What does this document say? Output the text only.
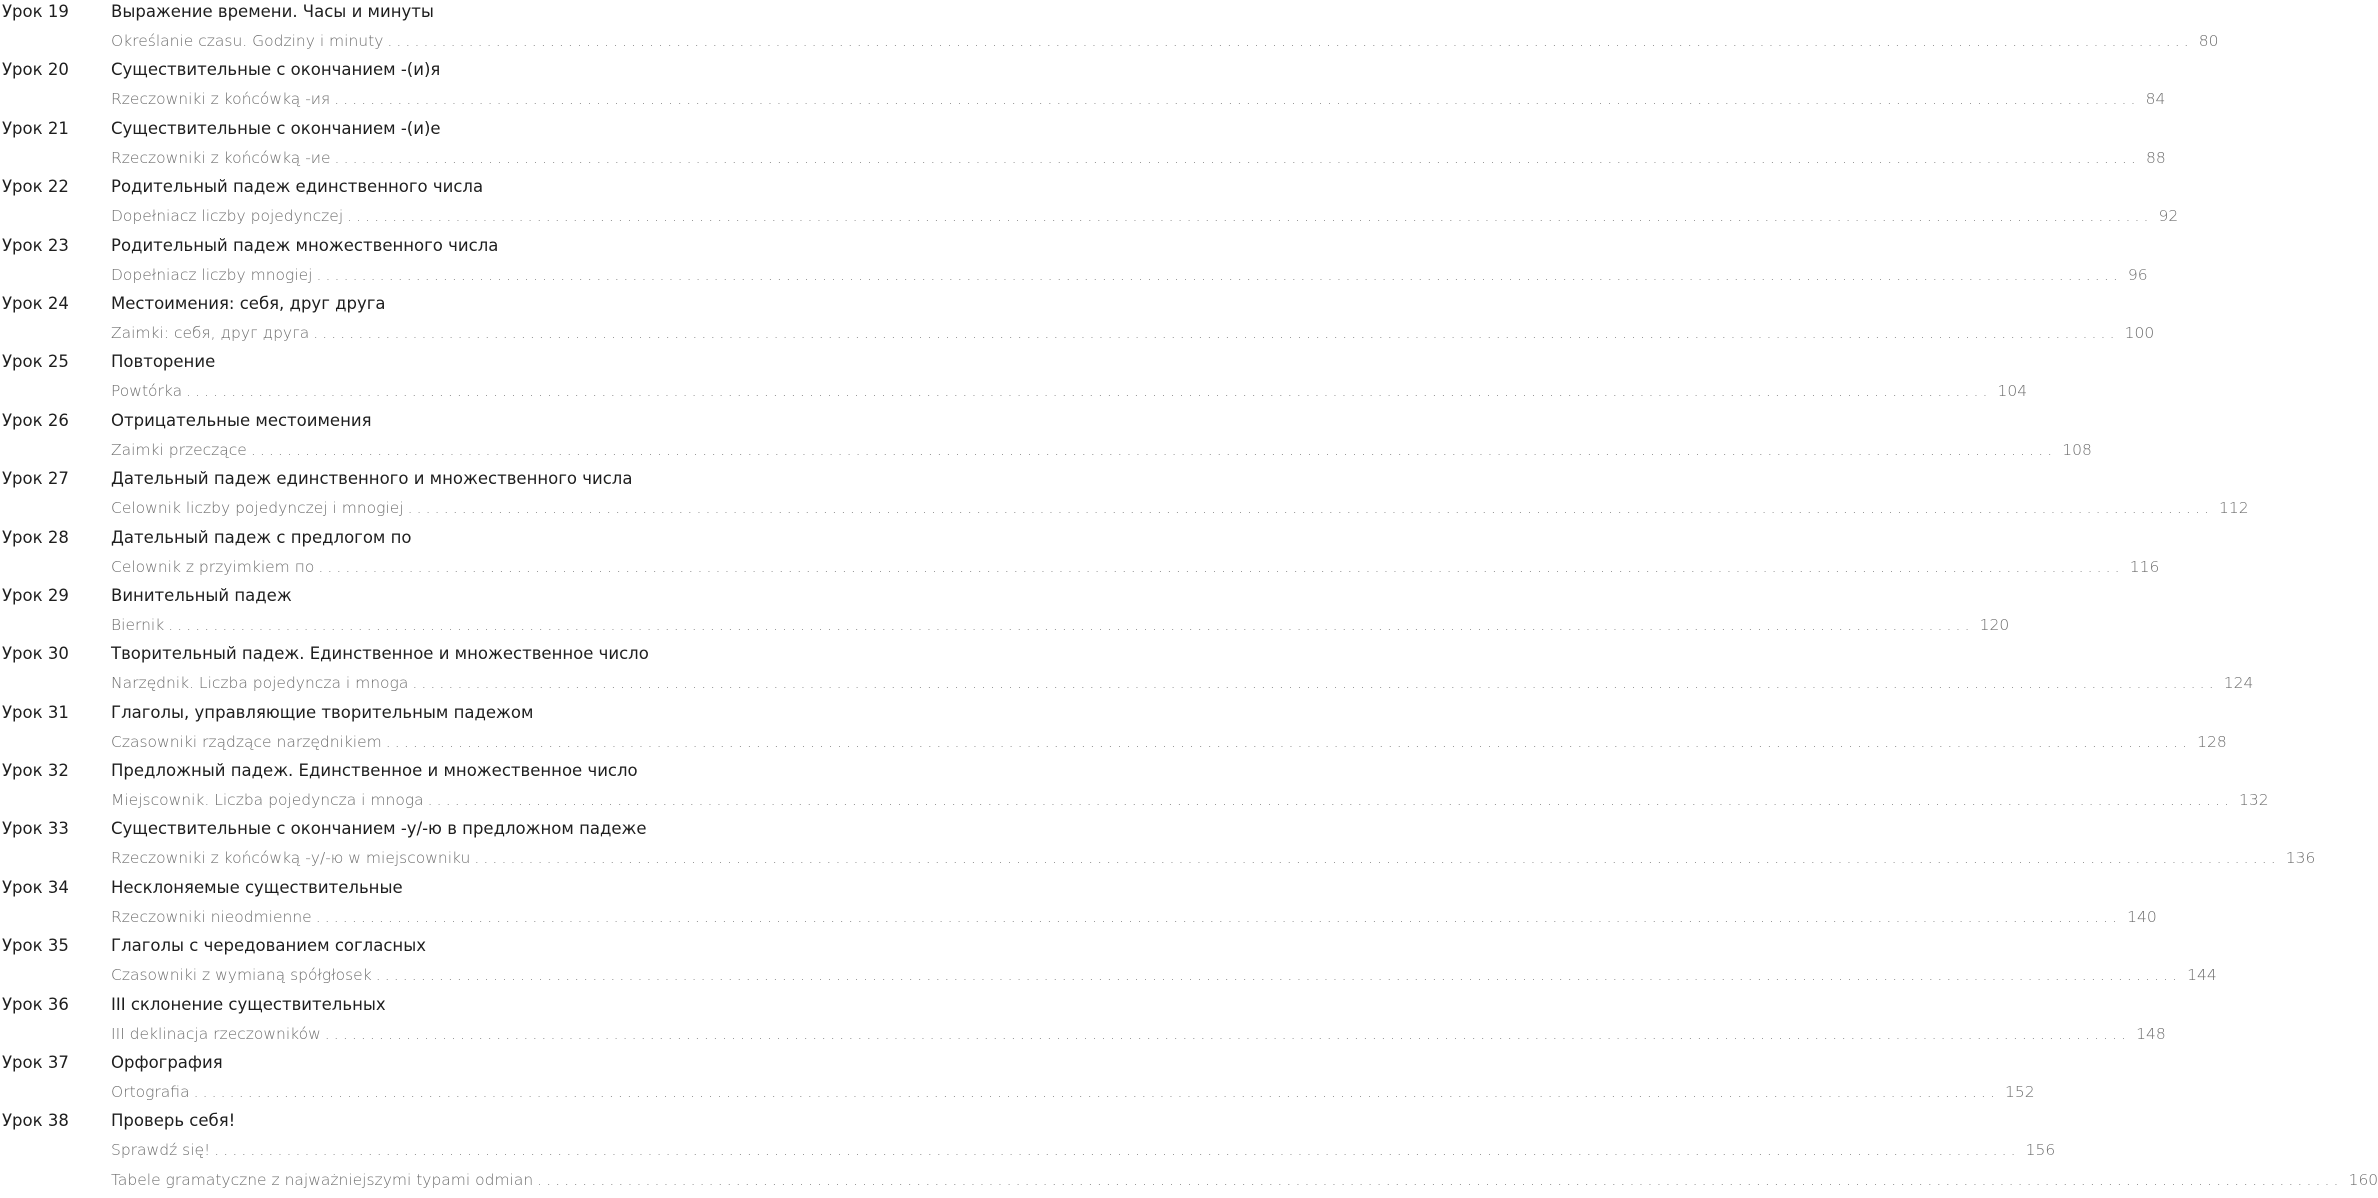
Урок 19	Выражение времени. Часы и минуты
Określanie czasu. Godziny i minuty ........................................................................................................................................................................................................ 80
Урок 20	Существительные с окончанием -(и)я
Rzeczowniki z końcówką -ия ........................................................................................................................................................................................................ 84
Урок 21	Существительные с окончанием -(и)е
Rzeczowniki z końcówką -ие ........................................................................................................................................................................................................ 88
Урок 22	Родительный падеж единственного числа
Dopełniacz liczby pojedynczej ........................................................................................................................................................................................................ 92
Урок 23	Родительный падеж множественного числа
Dopełniacz liczby mnogiej ........................................................................................................................................................................................................ 96
Урок 24	Местоимения: себя, друг друга
Zaimki: себя, друг друга ........................................................................................................................................................................................................ 100
Урок 25	Повторение
Powtórka ........................................................................................................................................................................................................ 104
Урок 26	Отрицательные местоимения
Zaimki przeczące ........................................................................................................................................................................................................ 108
Урок 27	Дательный падеж единственного и множественного числа
Celownik liczby pojedynczej i mnogiej ........................................................................................................................................................................................................ 112
Урок 28	Дательный падеж с предлогом по
Celownik z przyimkiem по ........................................................................................................................................................................................................ 116
Урок 29	Винительный падеж
Biernik ........................................................................................................................................................................................................ 120
Урок 30	Творительный падеж. Единственное и множественное число
Narzędnik. Liczba pojedyncza i mnoga ........................................................................................................................................................................................................ 124
Урок 31	Глаголы, управляющие творительным падежом
Czasowniki rządzące narzędnikiem ........................................................................................................................................................................................................ 128
Урок 32	Предложный падеж. Единственное и множественное число
Miejscownik. Liczba pojedyncza i mnoga ........................................................................................................................................................................................................ 132
Урок 33	Существительные с окончанием -у/-ю в предложном падеже
Rzeczowniki z końcówką -у/-ю w miejscowniku ........................................................................................................................................................................................................ 136
Урок 34	Несклоняемые существительные
Rzeczowniki nieodmienne ........................................................................................................................................................................................................ 140
Урок 35	Глаголы с чередованием согласных
Czasowniki z wymianą spółgłosek ........................................................................................................................................................................................................ 144
Урок 36	III склонение существительных
III deklinacja rzeczowników ........................................................................................................................................................................................................ 148
Урок 37	Орфография
Ortografia ........................................................................................................................................................................................................ 152
Урок 38	Проверь себя!
Sprawdź się! ........................................................................................................................................................................................................ 156
Tabele gramatyczne z najważniejszymi typami odmian ........................................................................................................................................................................................................ 160
